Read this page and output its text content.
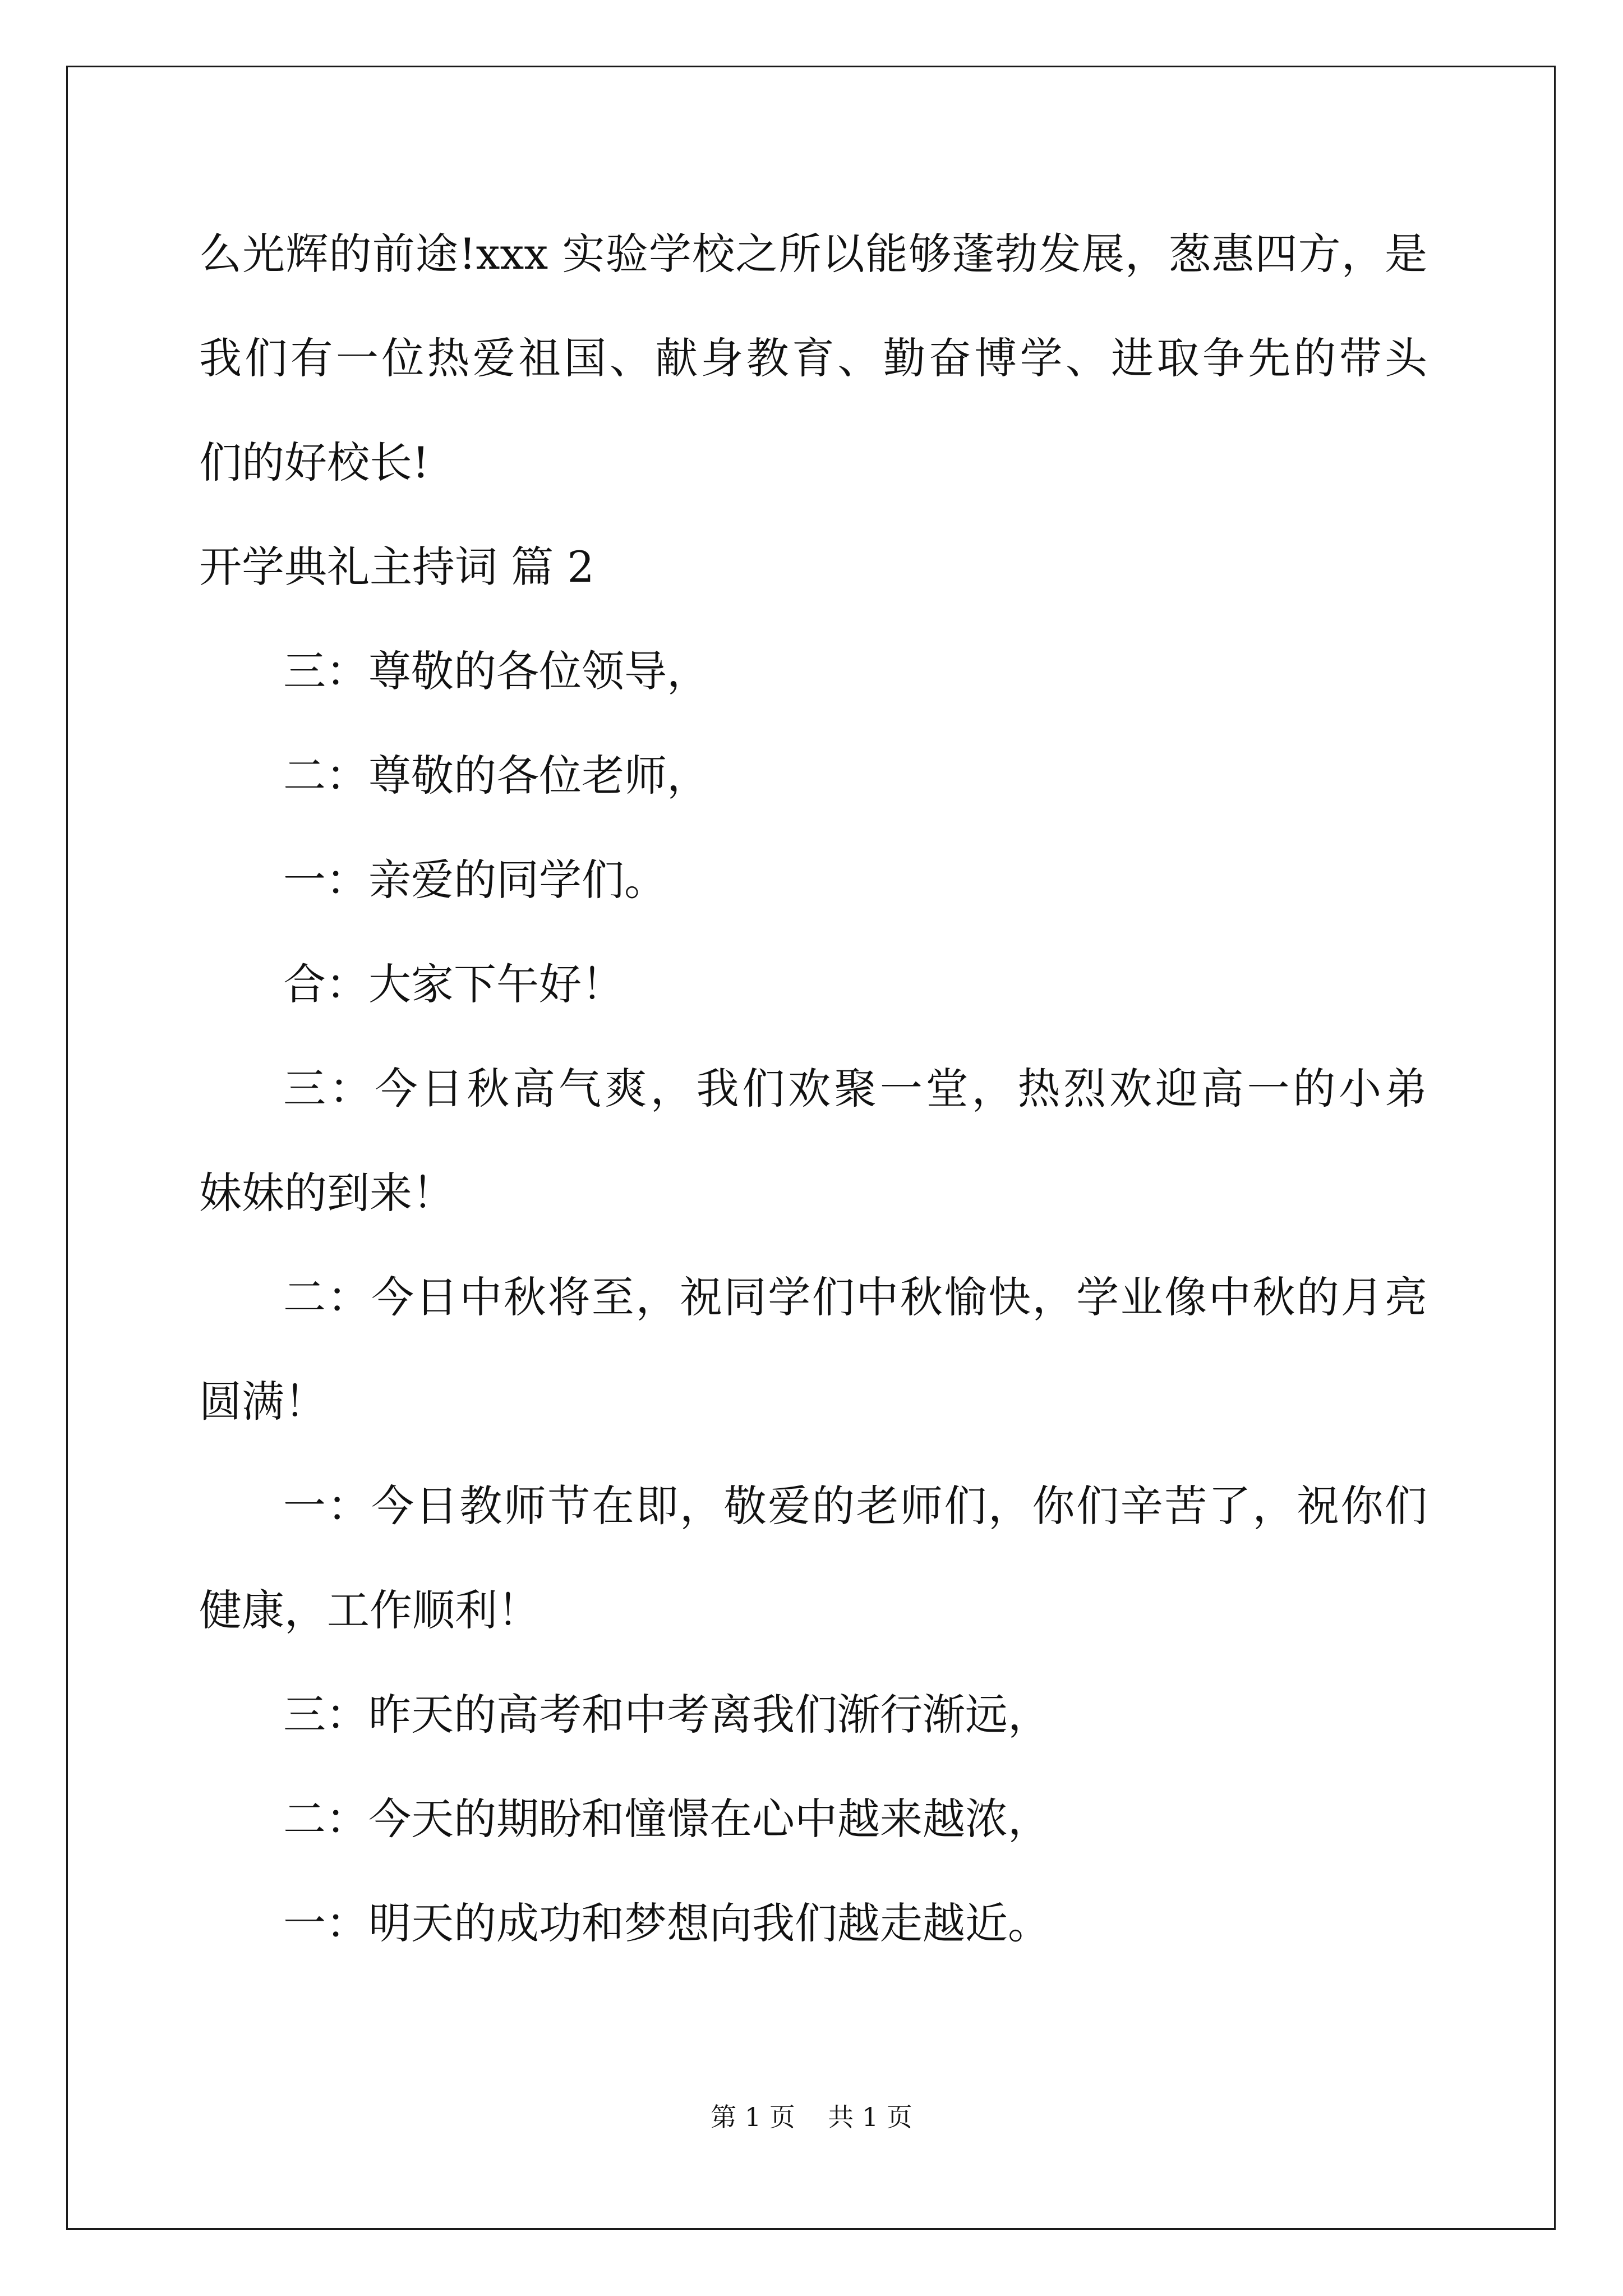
么光辉的前途!xxx 实验学校之所以能够蓬勃发展，葱惠四方，是
我们有一位热爱祖国、献身教育、勤奋博学、进取争先的带头
们的好校长!
开学典礼主持词 篇 2
三：尊敬的各位领导，
二：尊敬的各位老师，
一：亲爱的同学们。
合：大家下午好！
三：今日秋高气爽，我们欢聚一堂，热烈欢迎高一的小弟
妹妹的到来！
二：今日中秋将至，祝同学们中秋愉快，学业像中秋的月亮
圆满！
一：今日教师节在即，敬爱的老师们，你们辛苦了，祝你们
健康，工作顺利！
三：昨天的高考和中考离我们渐行渐远，
二：今天的期盼和憧憬在心中越来越浓，
一：明天的成功和梦想向我们越走越近。
第 1 页    共 1 页
